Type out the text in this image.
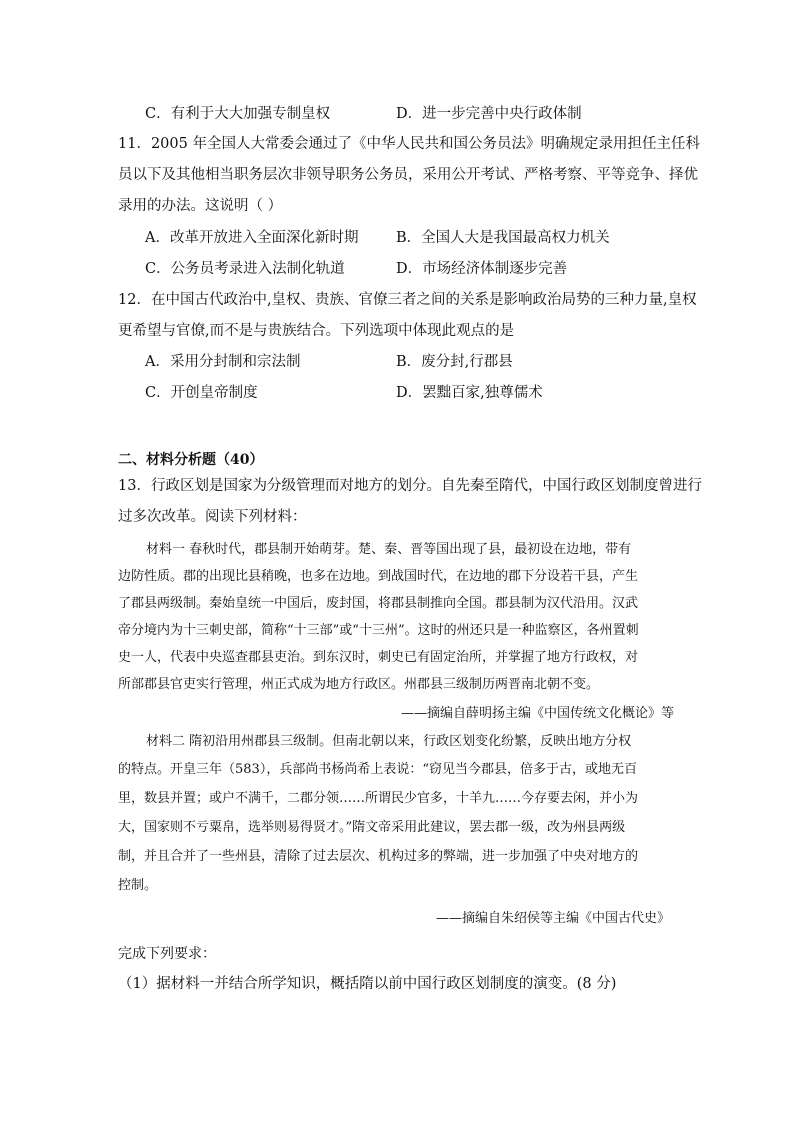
C．有利于大大加强专制皇权	D．进一步完善中央行政体制
11．2005 年全国人大常委会通过了《中华人民共和国公务员法》明确规定录用担任主任科
员以下及其他相当职务层次非领导职务公务员，采用公开考试、严格考察、平等竞争、择优
录用的办法。这说明（ ）
A．改革开放进入全面深化新时期	B．全国人大是我国最高权力机关
C．公务员考录进入法制化轨道	D．市场经济体制逐步完善
12．在中国古代政治中,皇权、贵族、官僚三者之间的关系是影响政治局势的三种力量,皇权
更希望与官僚,而不是与贵族结合。下列选项中体现此观点的是
A．采用分封制和宗法制	B．废分封,行郡县
C．开创皇帝制度	D．罢黜百家,独尊儒术
二、材料分析题（40）
13．行政区划是国家为分级管理而对地方的划分。自先秦至隋代，中国行政区划制度曾进行
过多次改革。阅读下列材料：
材料一 春秋时代，郡县制开始萌芽。楚、秦、晋等国出现了县，最初设在边地，带有
边防性质。郡的出现比县稍晚，也多在边地。到战国时代，在边地的郡下分设若干县，产生
了郡县两级制。秦始皇统一中国后，废封国，将郡县制推向全国。郡县制为汉代沿用。汉武
帝分境内为十三刺史部，简称“十三部”或“十三州”。这时的州还只是一种监察区，各州置刺
史一人，代表中央巡查郡县吏治。到东汉时，刺史已有固定治所，并掌握了地方行政权，对
所部郡县官吏实行管理，州正式成为地方行政区。州郡县三级制历两晋南北朝不变。
——摘编自薛明扬主编《中国传统文化概论》等
材料二 隋初沿用州郡县三级制。但南北朝以来，行政区划变化纷繁，反映出地方分权
的特点。开皇三年（583），兵部尚书杨尚希上表说：“窃见当今郡县，倍多于古，或地无百
里，数县并置；或户不满千，二郡分领……所谓民少官多，十羊九……今存要去闲，并小为
大，国家则不亏粟帛，选举则易得贤才。”隋文帝采用此建议，罢去郡一级，改为州县两级
制，并且合并了一些州县，清除了过去层次、机构过多的弊端，进一步加强了中央对地方的
控制。
——摘编自朱绍侯等主编《中国古代史》
完成下列要求：
（1）据材料一并结合所学知识，概括隋以前中国行政区划制度的演变。(8 分)
